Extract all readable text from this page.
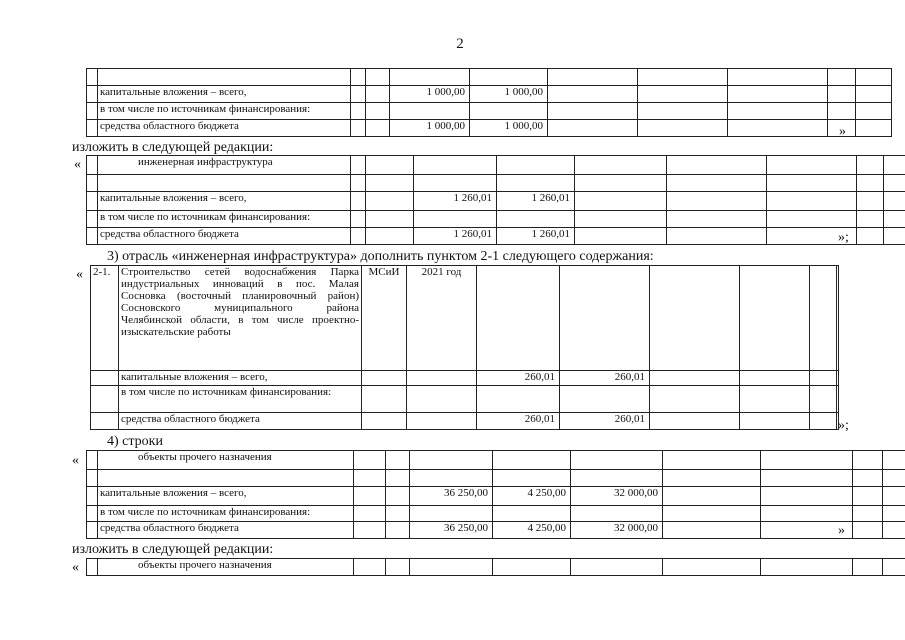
2

	капитальные вложения – всего,			1 000,00	1 000,00					
	в том числе по источникам финансирования:									
	средства областного бюджета			1 000,00	1 000,00						»
изложить в следующей редакции:
«
		инженерная инфраструктура									

	капитальные вложения – всего,			1 260,01	1 260,01					
	в том числе по источникам финансирования:									
	средства областного бюджета			1 260,01	1 260,01						»;
3) отрасль «инженерная инфраструктура» дополнить пунктом 2-1 следующего содержания:
« 2-1.	Строительство сетей водоснабжения Парка индустриальных инноваций в пос. Малая Сосновка (восточный планировочный район) Сосновского муниципального района Челябинской области, в том числе проектно-изыскательские работы	МСиИ	2021 год						
	капитальные вложения – всего,			260,01	260,01				
	в том числе по источникам финансирования:								
	средства областного бюджета			260,01	260,01					»;
4) строки
«
		объекты прочего назначения									

	капитальные вложения – всего,			36 250,00	4 250,00	32 000,00				
	в том числе по источникам финансирования:									
	средства областного бюджета			36 250,00	4 250,00	32 000,00					»
изложить в следующей редакции:
«
		объекты прочего назначения									
